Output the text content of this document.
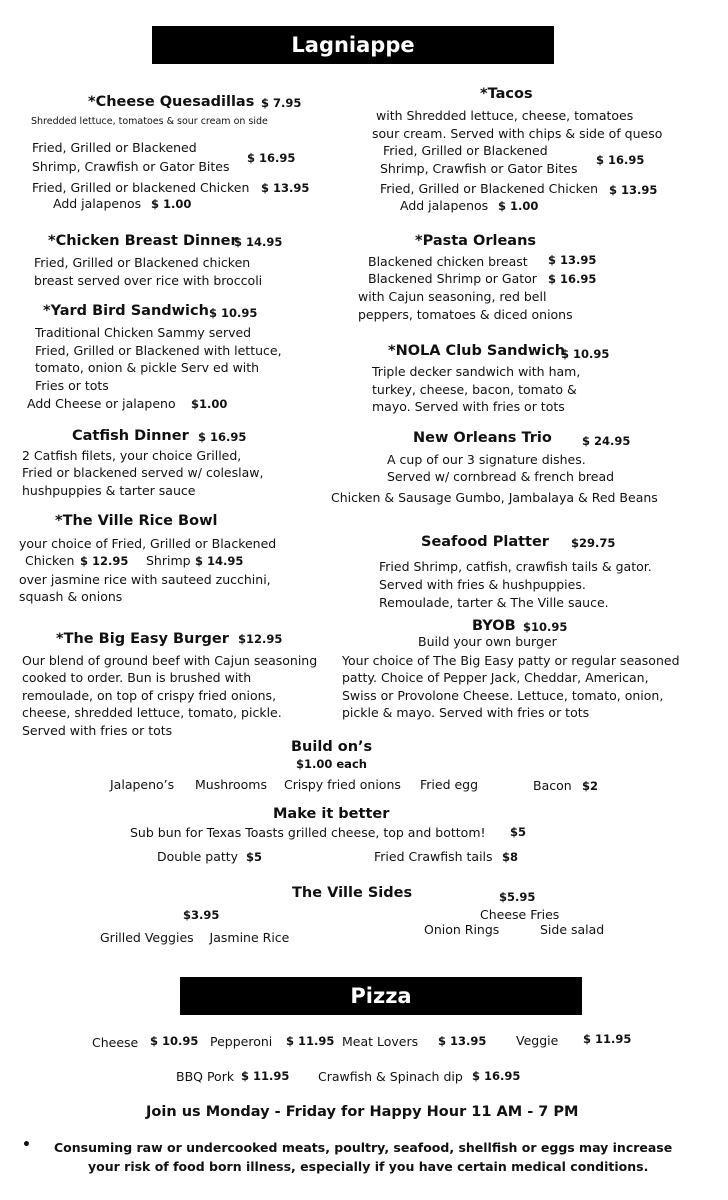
Lagniappe
*Cheese Quesadillas $ 7.95
Shredded lettuce, tomatoes & sour cream on side
Fried, Grilled or Blackened
Shrimp, Crawfish or Gator Bites
$ 16.95
Fried, Grilled or blackened Chicken $ 13.95
Add jalapenos $ 1.00
*Tacos
with Shredded lettuce, cheese, tomatoes
sour cream. Served with chips & side of queso
Fried, Grilled or Blackened
Shrimp, Crawfish or Gator Bites
$ 16.95
Fried, Grilled or Blackened Chicken $ 13.95
Add jalapenos $ 1.00
*Chicken Breast Dinner
$ 14.95
Fried, Grilled or Blackened chicken
breast served over rice with broccoli
*Pasta Orleans
Blackened chicken breast $ 13.95
Blackened Shrimp or Gator $ 16.95
with Cajun seasoning, red bell
peppers, tomatoes & diced onions
*Yard Bird Sandwich $ 10.95
Traditional Chicken Sammy served
Fried, Grilled or Blackened with lettuce,
tomato, onion & pickle Serv ed with
Fries or tots
Add Cheese or jalapeno $1.00
*NOLA Club Sandwich
$ 10.95
Triple decker sandwich with ham,
turkey, cheese, bacon, tomato &
mayo. Served with fries or tots
Catfish Dinner $ 16.95
2 Catfish filets, your choice Grilled,
Fried or blackened served w/ coleslaw,
hushpuppies & tarter sauce
New Orleans Trio	$ 24.95
A cup of our 3 signature dishes.
Served w/ cornbread & french bread
Chicken & Sausage Gumbo, Jambalaya & Red Beans
*The Ville Rice Bowl
your choice of Fried, Grilled or Blackened
Chicken $ 12.95 Shrimp $ 14.95
over jasmine rice with sauteed zucchini,
squash & onions
Seafood Platter $29.75
Fried Shrimp, catfish, crawfish tails & gator.
Served with fries & hushpuppies.
Remoulade, tarter & The Ville sauce.
*The Big Easy Burger $12.95
Our blend of ground beef with Cajun seasoning
cooked to order. Bun is brushed with
remoulade, on top of crispy fried onions,
cheese, shredded lettuce, tomato, pickle.
Served with fries or tots
BYOB $10.95
Build your own burger
Your choice of The Big Easy patty or regular seasoned
patty. Choice of Pepper Jack, Cheddar, American,
Swiss or Provolone Cheese. Lettuce, tomato, onion,
pickle & mayo. Served with fries or tots
Build on’s
$1.00 each
Jalapeno’s Mushrooms Crispy fried onions Fried egg	Bacon $2
Make it better
Sub bun for Texas Toasts grilled cheese, top and bottom! $5
Double patty $5	Fried Crawfish tails $8
The Ville Sides	$5.95
$3.95	Cheese Fries
Onion Rings	Side salad
Grilled Veggies    Jasmine Rice
Pizza
Cheese $ 10.95 Pepperoni $ 11.95 Meat Lovers $ 13.95 Veggie $ 11.95
BBQ Pork $ 11.95 Crawfish & Spinach dip $ 16.95
Join us Monday - Friday for Happy Hour 11 AM - 7 PM
• Consuming raw or undercooked meats, poultry, seafood, shellfish or eggs may increase
your risk of food born illness, especially if you have certain medical conditions.
